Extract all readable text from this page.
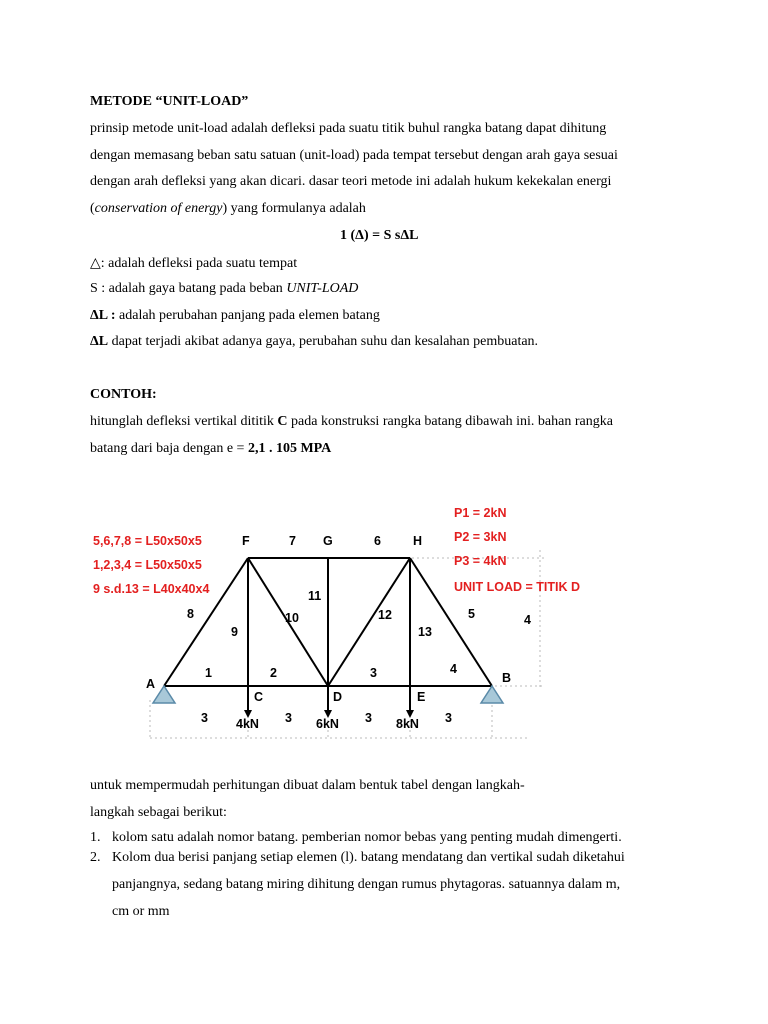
METODE “UNIT-LOAD”
prinsip metode unit-load adalah defleksi pada suatu titik buhul rangka batang dapat dihitung
dengan memasang beban satu satuan (unit-load) pada tempat tersebut dengan arah gaya sesuai
dengan arah defleksi yang akan dicari. dasar teori metode ini adalah hukum kekekalan energi
(conservation of energy) yang formulanya adalah
1 (Δ) = S sΔL
△: adalah defleksi pada suatu tempat
S : adalah gaya batang pada beban UNIT-LOAD
ΔL : adalah perubahan panjang pada elemen batang
ΔL dapat terjadi akibat adanya gaya, perubahan suhu dan kesalahan pembuatan.
CONTOH:
hitunglah defleksi vertikal dititik C pada konstruksi rangka batang dibawah ini. bahan rangka
batang dari baja dengan e = 2,1 . 105 MPA
5,6,7,8 = L50x50x5
1,2,3,4 = L50x50x5
9 s.d.13 = L40x40x4
P1 = 2kN
P2 = 3kN
P3 = 4kN
UNIT LOAD = TITIK D
F	G	H
A	B
C	D	E
1	2	3	4
5
6
7
8
9
10
11
12
13
3	3	3	3
4
4kN	6kN	8kN
untuk mempermudah perhitungan dibuat dalam bentuk tabel dengan langkah-
langkah sebagai berikut:
1. kolom satu adalah nomor batang. pemberian nomor bebas yang penting mudah dimengerti.
2. Kolom dua berisi panjang setiap elemen (l). batang mendatang dan vertikal sudah diketahui
panjangnya, sedang batang miring dihitung dengan rumus phytagoras. satuannya dalam m,
cm or mm
